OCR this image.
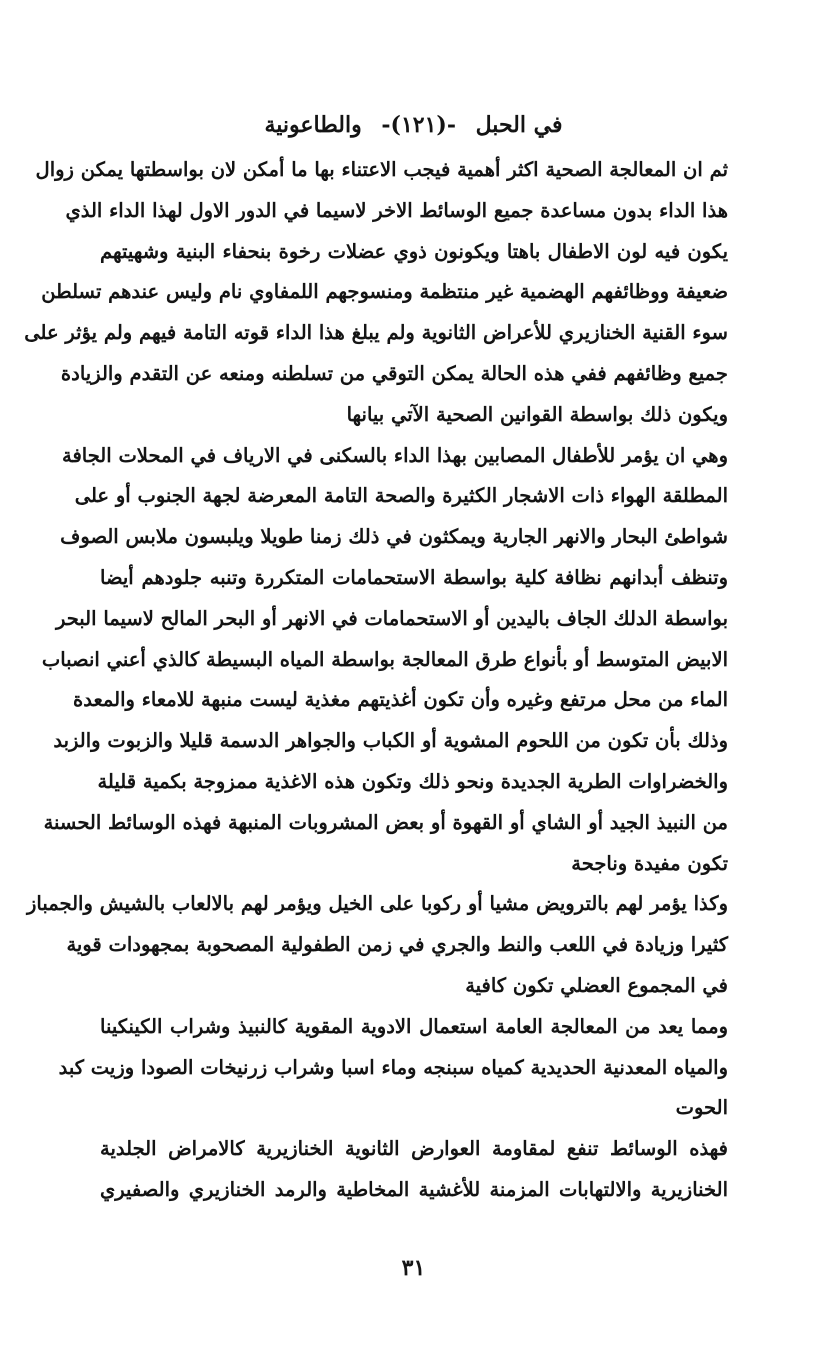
في الحبل -(۱۲۱)- والطاعونية
ثم ان المعالجة الصحية اكثر أهمية فيجب الاعتناء بها ما أمكن لان بواسطتها يمكن زوال
هذا الداء بدون مساعدة جميع الوسائط الاخر لاسيما في الدور الاول لهذا الداء الذي
يكون فيه لون الاطفال باهتا ويكونون ذوي عضلات رخوة بنحفاء البنية وشهيتهم
ضعيفة ووظائفهم الهضمية غير منتظمة ومنسوجهم اللمفاوي نام وليس عندهم تسلطن
سوء القنية الخنازيري للأعراض الثانوية ولم يبلغ هذا الداء قوته التامة فيهم ولم يؤثر على
جميع وظائفهم ففي هذه الحالة يمكن التوقي من تسلطنه ومنعه عن التقدم والزيادة
ويكون ذلك بواسطة القوانين الصحية الآتي بيانها
وهي ان يؤمر للأطفال المصابين بهذا الداء بالسكنى في الارياف في المحلات الجافة
المطلقة الهواء ذات الاشجار الكثيرة والصحة التامة المعرضة لجهة الجنوب أو على
شواطئ البحار والانهر الجارية ويمكثون في ذلك زمنا طويلا ويلبسون ملابس الصوف
وتنظف أبدانهم نظافة كلية بواسطة الاستحمامات المتكررة وتنبه جلودهم أيضا
بواسطة الدلك الجاف باليدين أو الاستحمامات في الانهر أو البحر المالح لاسيما البحر
الابيض المتوسط أو بأنواع طرق المعالجة بواسطة المياه البسيطة كالذي أعني انصباب
الماء من محل مرتفع وغيره وأن تكون أغذيتهم مغذية ليست منبهة للامعاء والمعدة
وذلك بأن تكون من اللحوم المشوية أو الكباب والجواهر الدسمة قليلا والزبوت والزبد
والخضراوات الطرية الجديدة ونحو ذلك وتكون هذه الاغذية ممزوجة بكمية قليلة
من النبيذ الجيد أو الشاي أو القهوة أو بعض المشروبات المنبهة فهذه الوسائط الحسنة
تكون مفيدة وناجحة
وكذا يؤمر لهم بالترويض مشيا أو ركوبا على الخيل ويؤمر لهم بالالعاب بالشيش والجمباز
كثيرا وزيادة في اللعب والنط والجري في زمن الطفولية المصحوبة بمجهودات قوية
في المجموع العضلي تكون كافية
ومما يعد من المعالجة العامة استعمال الادوية المقوية كالنبيذ وشراب الكينكينا
والمياه المعدنية الحديدية كمياه سبنجه وماء اسبا وشراب زرنيخات الصودا وزيت كبد
الحوت
فهذه الوسائط تنفع لمقاومة العوارض الثانوية الخنازيرية كالامراض الجلدية
الخنازيرية والالتهابات المزمنة للأغشية المخاطية والرمد الخنازيري والصفيري
۳۱
